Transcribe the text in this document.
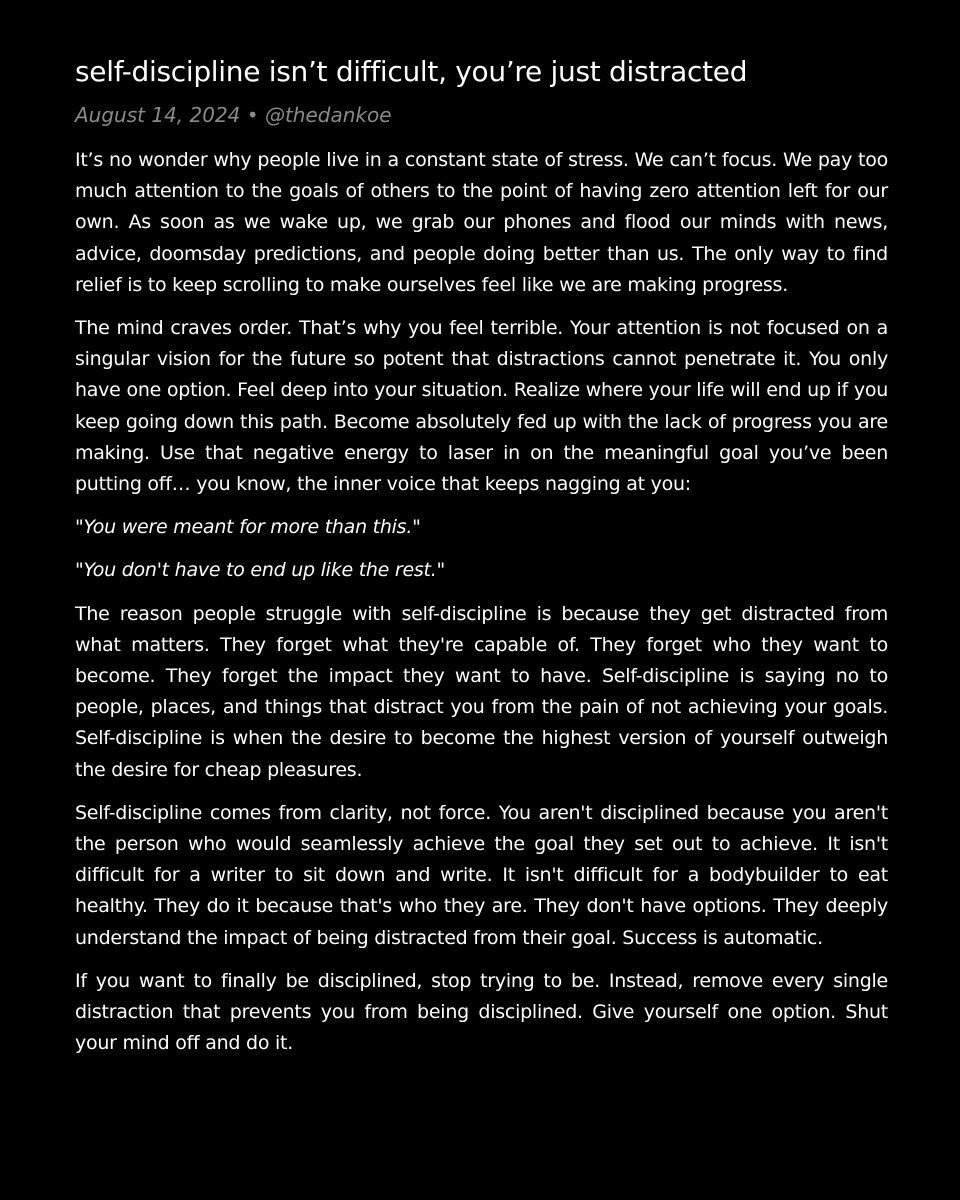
self-discipline isn’t difficult, you’re just distracted
August 14, 2024 • @thedankoe

It’s no wonder why people live in a constant state of stress. We can’t focus. We pay too much attention to the goals of others to the point of having zero attention left for our own. As soon as we wake up, we grab our phones and flood our minds with news, advice, doomsday predictions, and people doing better than us. The only way to find relief is to keep scrolling to make ourselves feel like we are making progress.

The mind craves order. That’s why you feel terrible. Your attention is not focused on a singular vision for the future so potent that distractions cannot penetrate it. You only have one option. Feel deep into your situation. Realize where your life will end up if you keep going down this path. Become absolutely fed up with the lack of progress you are making. Use that negative energy to laser in on the meaningful goal you’ve been putting off… you know, the inner voice that keeps nagging at you:

"You were meant for more than this."

"You don't have to end up like the rest."

The reason people struggle with self-discipline is because they get distracted from what matters. They forget what they're capable of. They forget who they want to become. They forget the impact they want to have. Self-discipline is saying no to people, places, and things that distract you from the pain of not achieving your goals. Self-discipline is when the desire to become the highest version of yourself outweigh the desire for cheap pleasures.

Self-discipline comes from clarity, not force. You aren't disciplined because you aren't the person who would seamlessly achieve the goal they set out to achieve. It isn't difficult for a writer to sit down and write. It isn't difficult for a bodybuilder to eat healthy. They do it because that's who they are. They don't have options. They deeply understand the impact of being distracted from their goal. Success is automatic.

If you want to finally be disciplined, stop trying to be. Instead, remove every single distraction that prevents you from being disciplined. Give yourself one option. Shut your mind off and do it.
